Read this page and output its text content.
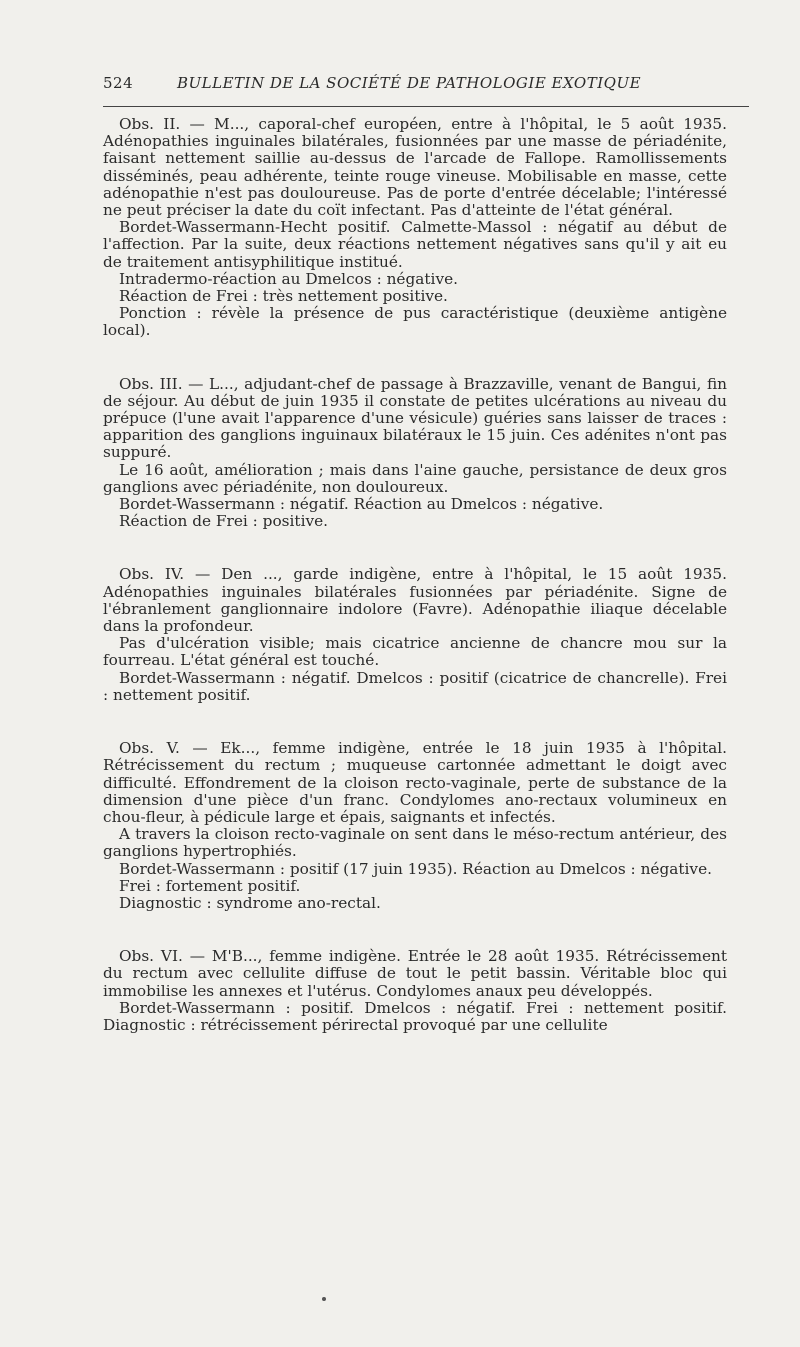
524	BULLETIN DE LA SOCIÉTÉ DE PATHOLOGIE EXOTIQUE

Obs. II. — M..., caporal-chef européen, entre à l'hôpital, le 5 août 1935. Adénopathies inguinales bilatérales, fusionnées par une masse de périadénite, faisant nettement saillie au-dessus de l'arcade de Fallope. Ramollissements disséminés, peau adhérente, teinte rouge vineuse. Mobilisable en masse, cette adénopathie n'est pas douloureuse. Pas de porte d'entrée décelable; l'intéressé ne peut préciser la date du coït infectant. Pas d'atteinte de l'état général.

Bordet-Wassermann-Hecht positif. Calmette-Massol : négatif au début de l'affection. Par la suite, deux réactions nettement négatives sans qu'il y ait eu de traitement antisyphilitique institué.

Intradermo-réaction au Dmelcos : négative.

Réaction de Frei : très nettement positive.

Ponction : révèle la présence de pus caractéristique (deuxième antigène local).

Obs. III. — L..., adjudant-chef de passage à Brazzaville, venant de Bangui, fin de séjour. Au début de juin 1935 il constate de petites ulcérations au niveau du prépuce (l'une avait l'apparence d'une vésicule) guéries sans laisser de traces : apparition des ganglions inguinaux bilatéraux le 15 juin. Ces adénites n'ont pas suppuré.

Le 16 août, amélioration ; mais dans l'aine gauche, persistance de deux gros ganglions avec périadénite, non douloureux.

Bordet-Wassermann : négatif. Réaction au Dmelcos : négative.

Réaction de Frei : positive.

Obs. IV. — Den ..., garde indigène, entre à l'hôpital, le 15 août 1935. Adénopathies inguinales bilatérales fusionnées par périadénite. Signe de l'ébranlement ganglionnaire indolore (Favre). Adénopathie iliaque décelable dans la profondeur.

Pas d'ulcération visible; mais cicatrice ancienne de chancre mou sur la fourreau. L'état général est touché.

Bordet-Wassermann : négatif. Dmelcos : positif (cicatrice de chancrelle). Frei : nettement positif.

Obs. V. — Ek..., femme indigène, entrée le 18 juin 1935 à l'hôpital. Rétrécissement du rectum ; muqueuse cartonnée admettant le doigt avec difficulté. Effondrement de la cloison recto-vaginale, perte de substance de la dimension d'une pièce d'un franc. Condylomes ano-rectaux volumineux en chou-fleur, à pédicule large et épais, saignants et infectés.

A travers la cloison recto-vaginale on sent dans le méso-rectum antérieur, des ganglions hypertrophiés.

Bordet-Wassermann : positif (17 juin 1935). Réaction au Dmelcos : négative.

Frei : fortement positif.

Diagnostic : syndrome ano-rectal.

Obs. VI. — M'B..., femme indigène. Entrée le 28 août 1935. Rétrécissement du rectum avec cellulite diffuse de tout le petit bassin. Véritable bloc qui immobilise les annexes et l'utérus. Condylomes anaux peu développés.

Bordet-Wassermann : positif. Dmelcos : négatif. Frei : nettement positif. Diagnostic : rétrécissement périrectal provoqué par une cellulite
